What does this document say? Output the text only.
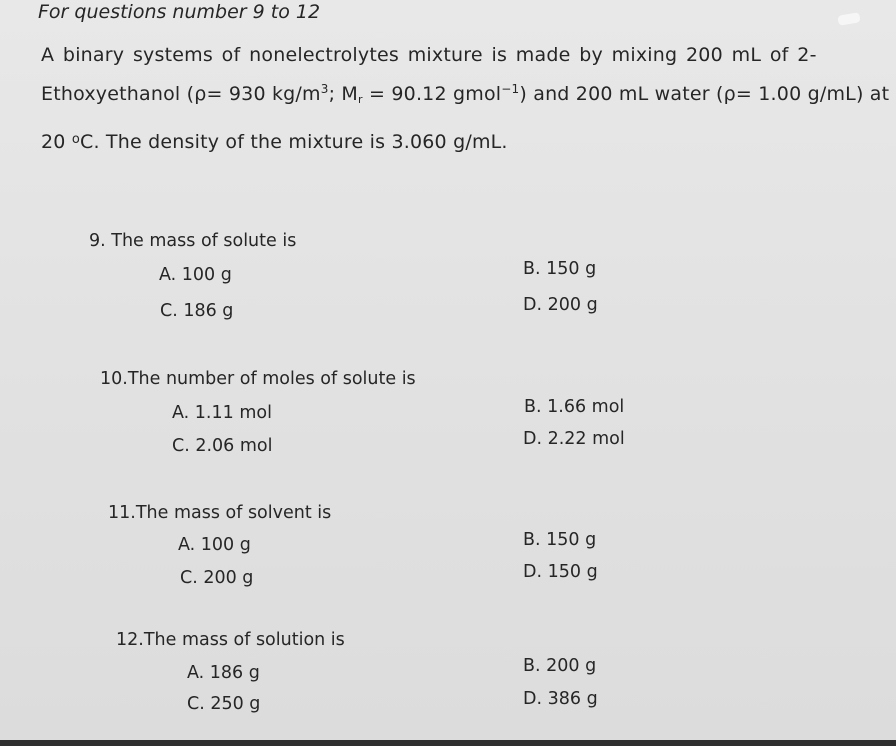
For questions number 9 to 12
A binary systems of nonelectrolytes mixture is made by mixing 200 mL of 2-
Ethoxyethanol (ρ= 930 $kg/m^3$; $M_r = 90.12$ gmol$^{-1}$) and 200 mL water (ρ= 1.00 g/mL) at
20 $^o$C. The density of the mixture is 3.060 g/mL.
9. The mass of solute is
A. 100 g	B. 150 g
C. 186 g	D. 200 g
10.The number of moles of solute is
A. 1.11 mol	B. 1.66 mol
C. 2.06 mol	D. 2.22 mol
11.The mass of solvent is
A. 100 g	B. 150 g
C. 200 g	D. 150 g
12.The mass of solution is
A. 186 g	B. 200 g
C. 250 g	D. 386 g
